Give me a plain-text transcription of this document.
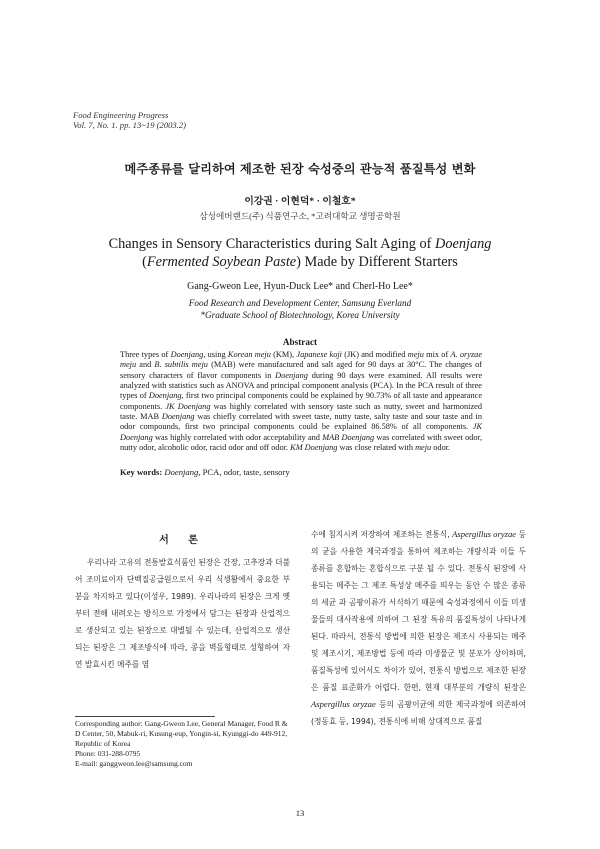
Food Engineering Progress
Vol. 7, No. 1. pp. 13~19 (2003.2)
메주종류를 달리하여 제조한 된장 숙성중의 관능적 품질특성 변화
이강권 · 이현덕* · 이철호*
삼성에버랜드(주) 식품연구소, *고려대학교 생명공학원
Changes in Sensory Characteristics during Salt Aging of Doenjang
(Fermented Soybean Paste) Made by Different Starters
Gang-Gweon Lee, Hyun-Duck Lee* and Cherl-Ho Lee*
Food Research and Development Center, Samsung Everland
*Graduate School of Biotechnology, Korea University
Abstract
Three types of Doenjang, using Korean meju (KM), Japanese koji (JK) and modified meju mix of A. oryzae meju and B. subtilis meju (MAB) were manufactured and salt aged for 90 days at 30°C. The changes of sensory characters of flavor components in Doenjang during 90 days were examined. All results were analyzed with statistics such as ANOVA and principal component analysis (PCA). In the PCA result of three types of Doenjang, first two principal components could be explained by 90.73% of all taste and appearance components. JK Doenjang was highly correlated with sensory taste such as nutty, sweet and harmonized taste. MAB Doenjang was chiefly correlated with sweet taste, nutty taste, salty taste and sour taste and in odor compounds, first two principal components could be explained 86.58% of all components. JK Doenjang was highly correlated with odor acceptability and MAB Doenjang was correlated with sweet odor, nutty odor, alcoholic odor, racid odor and off odor. KM Doenjang was close related with meju odor.
Key words: Doenjang, PCA, odor, taste, sensory
서 론
우리나라 고유의 전통발효식품인 된장은 간장, 고추장과 더불어 조미료이자 단백질공급원으로서 우리 식생활에서 중요한 부분을 차지하고 있다(이성우, 1989). 우리나라의 된장은 크게 옛부터 전해 내려오는 방식으로 가정에서 담그는 된장과 산업적으로 생산되고 있는 된장으로 대별될 수 있는데, 산업적으로 생산되는 된장은 그 제조방식에 따라, 콩을 벽돌형태로 성형하여 자연 발효시킨 메주를 염
수에 침지시켜 저장하여 제조하는 전통식, Aspergillus oryzae 등의 균을 사용한 제국과정을 통하여 제조하는 개량식과 이들 두 종류를 혼합하는 혼합식으로 구분 될 수 있다. 전통식 된장에 사용되는 메주는 그 제조 특성상 메주를 띄우는 동안 수 많은 종류의 세균 과 곰팡이류가 서식하기 때문에 숙성과정에서 이들 미생물들의 대사작용에 의하여 그 된장 특유의 품질특성이 나타나게 된다. 따라서, 전통식 방법에 의한 된장은 제조시 사용되는 메주 및 제조시기, 제조방법 등에 따라 미생물군 및 분포가 상이하며, 품질특성에 있어서도 차이가 있어, 전통식 방법으로 제조한 된장은 품질 표준화가 어렵다. 한편, 현재 대부분의 개량식 된장은 Aspergillus oryzae 등의 곰팡이균에 의한 제국과정에 의존하여(정동효 등, 1994), 전통식에 비해 상대적으로 품질
Corresponding author: Gang-Gweon Lee, General Manager, Food R & D Center, 50, Mabuk-ri, Kusung-eup, Yongin-si, Kyunggi-do 449-912, Republic of Korea
Phone: 031-288-0795
E-mail: ganggweon.lee@samsung.com
13
